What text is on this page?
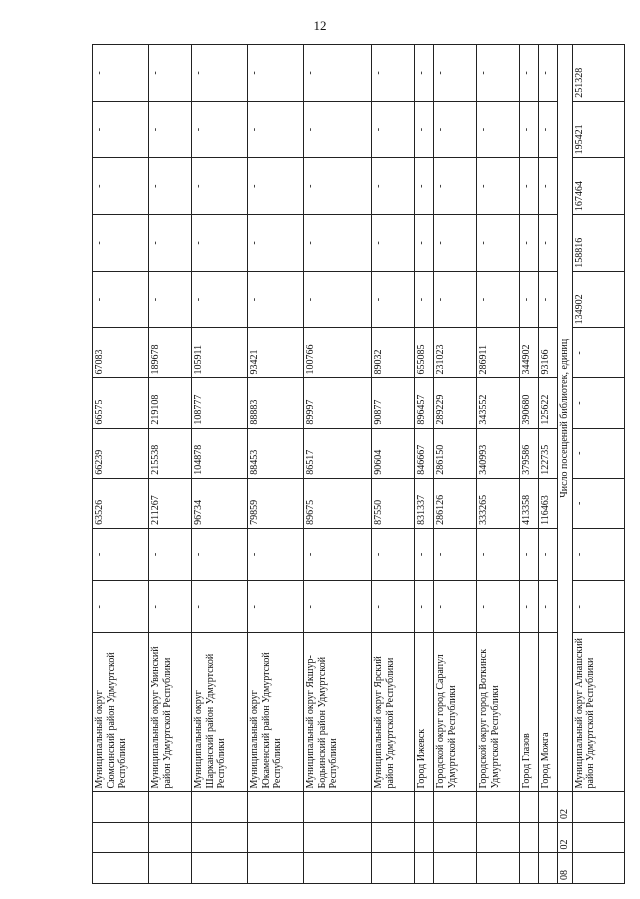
12
			Муниципальный округ Сюмсинский район Удмуртской Республики	-	-	63526	66239	66575	67083	-	-	-	-	-
			Муниципальный округ Увинский район Удмуртской Республики	-	-	211267	215538	219108	189678	-	-	-	-	-
			Муниципальный округ Шарканский район Удмуртской Республики	-	-	96734	104878	108777	105911	-	-	-	-	-
			Муниципальный округ Юкаменский район Удмуртской Республики	-	-	79859	88453	88883	93421	-	-	-	-	-
			Муниципальный округ Якшур-Бодьинский район Удмуртской Республики	-	-	89675	86517	89997	100766	-	-	-	-	-
			Муниципальный округ Ярский район Удмуртской Республики	-	-	87550	90604	90877	89032	-	-	-	-	-
			Город Ижевск	-	-	831337	846667	896457	655085	-	-	-	-	-
			Городской округ город Сарапул Удмуртской Республики	-	-	286126	286150	289229	231023	-	-	-	-	-
			Городской округ город Воткинск Удмуртской Республики	-	-	333265	340993	343552	286911	-	-	-	-	-
			Город Глазов	-	-	413358	379586	390680	344902	-	-	-	-	-
			Город Можга	-	-	116463	122735	125622	93166	-	-	-	-	-
08	02	02	Число посещений библиотек, единиц											
			Муниципальный округ Алнашский район Удмуртской Республики	-	-	-	-	-	-	134902	158816	167464	195421	251328
